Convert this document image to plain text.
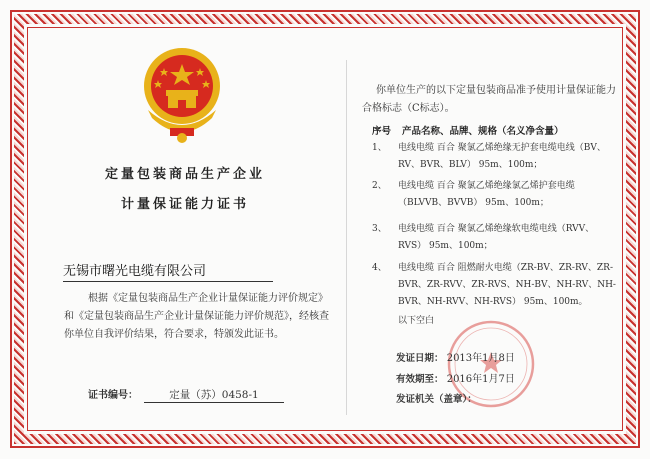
定量包装商品生产企业
计量保证能力证书
无锡市曙光电缆有限公司
根据《定量包装商品生产企业计量保证能力评价规定》和《定量包装商品生产企业计量保证能力评价规范》，经核查你单位自我评价结果，符合要求，特颁发此证书。
证书编号：	定量（苏）0458-1
你单位生产的以下定量包装商品准予使用计量保证能力合格标志（C标志）。
序号 产品名称、品牌、规格（名义净含量）
1、	电线电缆 百合 聚氯乙烯绝缘无护套电缆电线（BV、RV、BVR、BLV） 95m、100m；
2、	电线电缆 百合 聚氯乙烯绝缘氯乙烯护套电缆（BLVVB、BVVB） 95m、100m；
3、	电线电缆 百合 聚氯乙烯绝缘软电缆电线（RVV、RVS） 95m、100m；
4、	电线电缆 百合 阻燃耐火电缆（ZR-BV、ZR-RV、ZR-BVR、ZR-RVV、ZR-RVS、NH-BV、NH-RV、NH-BVR、NH-RVV、NH-RVS） 95m、100m。
以下空白
发证日期： 2013年1月8日
有效期至： 2016年1月7日
发证机关（盖章）：
